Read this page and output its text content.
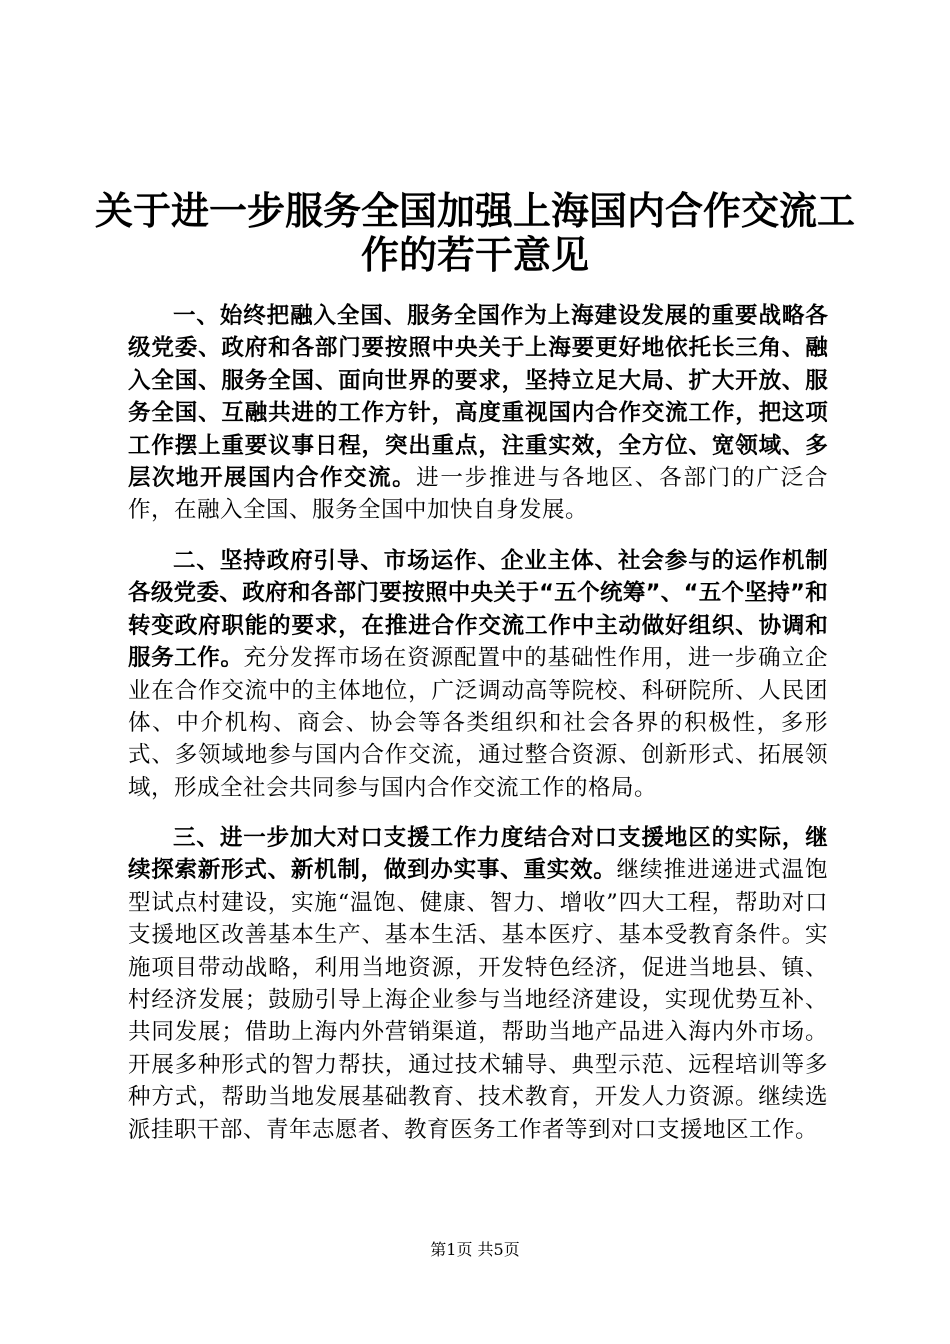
关于进一步服务全国加强上海国内合作交流工
作的若干意见
一、始终把融入全国、服务全国作为上海建设发展的重要战略各级党委、政府和各部门要按照中央关于上海要更好地依托长三角、融入全国、服务全国、面向世界的要求，坚持立足大局、扩大开放、服务全国、互融共进的工作方针，高度重视国内合作交流工作，把这项工作摆上重要议事日程，突出重点，注重实效，全方位、宽领域、多层次地开展国内合作交流。进一步推进与各地区、各部门的广泛合作，在融入全国、服务全国中加快自身发展。
二、坚持政府引导、市场运作、企业主体、社会参与的运作机制各级党委、政府和各部门要按照中央关于“五个统筹”、“五个坚持”和转变政府职能的要求，在推进合作交流工作中主动做好组织、协调和服务工作。充分发挥市场在资源配置中的基础性作用，进一步确立企业在合作交流中的主体地位，广泛调动高等院校、科研院所、人民团体、中介机构、商会、协会等各类组织和社会各界的积极性，多形式、多领域地参与国内合作交流，通过整合资源、创新形式、拓展领域，形成全社会共同参与国内合作交流工作的格局。
三、进一步加大对口支援工作力度结合对口支援地区的实际，继续探索新形式、新机制，做到办实事、重实效。继续推进递进式温饱型试点村建设，实施“温饱、健康、智力、增收”四大工程，帮助对口支援地区改善基本生产、基本生活、基本医疗、基本受教育条件。实施项目带动战略，利用当地资源，开发特色经济，促进当地县、镇、村经济发展；鼓励引导上海企业参与当地经济建设，实现优势互补、共同发展；借助上海内外营销渠道，帮助当地产品进入海内外市场。开展多种形式的智力帮扶，通过技术辅导、典型示范、远程培训等多种方式，帮助当地发展基础教育、技术教育，开发人力资源。继续选派挂职干部、青年志愿者、教育医务工作者等到对口支援地区工作。
第1页 共5页
